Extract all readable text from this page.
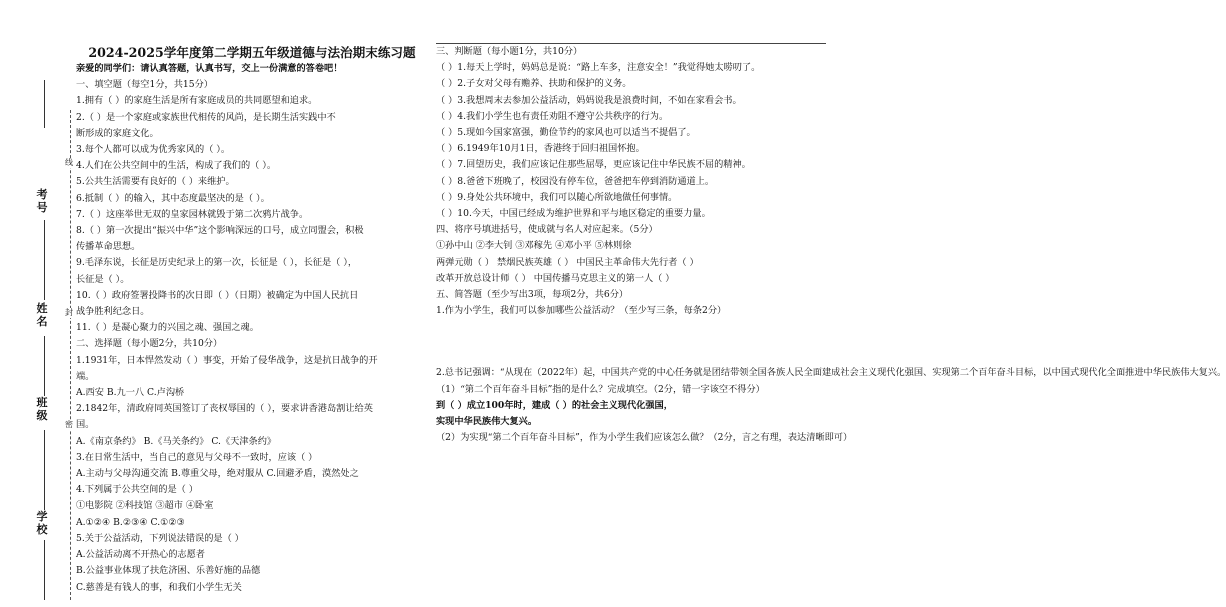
线
封
密
考号
姓名
班级
学校
2024-2025学年度第二学期五年级道德与法治期末练习题

亲爱的同学们：请认真答题，认真书写，交上一份满意的答卷吧！

一、填空题（每空1分，共15分）

1.拥有（ ）的家庭生活是所有家庭成员的共同愿望和追求。

2.（ ）是一个家庭或家族世代相传的风尚，是长期生活实践中不

断形成的家庭文化。

3.每个人都可以成为优秀家风的（ ）。

4.人们在公共空间中的生活，构成了我们的（ ）。

5.公共生活需要有良好的（ ）来维护。

6.抵制（ ）的输入，其中态度最坚决的是（ ）。

7.（ ）这座举世无双的皇家园林就毁于第二次鸦片战争。

8.（ ）第一次提出“振兴中华”这个影响深远的口号，成立同盟会，积极

传播革命思想。

9.毛泽东说，长征是历史纪录上的第一次，长征是（ ），长征是（ ），

长征是（ ）。

10.（ ）政府签署投降书的次日即（ ）（日期）被确定为中国人民抗日

战争胜利纪念日。

11.（ ）是凝心聚力的兴国之魂、强国之魂。

二、选择题（每小题2分，共10分）

1.1931年，日本悍然发动（ ）事变，开始了侵华战争，这是抗日战争的开

端。

A.西安 B.九一八 C.卢沟桥

2.1842年，清政府同英国签订了丧权辱国的（ ），要求讲香港岛割让给英

国。

A.《南京条约》 B.《马关条约》 C.《天津条约》

3.在日常生活中，当自己的意见与父母不一致时，应该（ ）

A.主动与父母沟通交流 B.尊重父母，绝对服从 C.回避矛盾，漠然处之

4.下列属于公共空间的是（ ）

①电影院 ②科技馆 ③超市 ④卧室

A.①②④ B.②③④ C.①②③

5.关于公益活动，下列说法错误的是（ ）

A.公益活动离不开热心的志愿者

B.公益事业体现了扶危济困、乐善好施的品德

C.慈善是有钱人的事，和我们小学生无关

三、判断题（每小题1分，共10分）

（ ）1.每天上学时，妈妈总是说：“路上车多，注意安全！”我觉得她太唠叨了。

（ ）2.子女对父母有赡养、扶助和保护的义务。

（ ）3.我想周末去参加公益活动，妈妈说我是浪费时间，不如在家看会书。

（ ）4.我们小学生也有责任劝阻不遵守公共秩序的行为。

（ ）5.现如今国家富强，勤俭节约的家风也可以适当不提倡了。

（ ）6.1949年10月1日，香港终于回归祖国怀抱。

（ ）7.回望历史，我们应该记住那些屈辱，更应该记住中华民族不屈的精神。

（ ）8.爸爸下班晚了，校园没有停车位，爸爸把车停到消防通道上。

（ ）9.身处公共环境中，我们可以随心所欲地做任何事情。

（ ）10.今天，中国已经成为维护世界和平与地区稳定的重要力量。

四、将序号填进括号，使成就与名人对应起来。（5分）

①孙中山 ②李大钊 ③邓稼先 ④邓小平 ⑤林则徐

两弹元勋（ ） 禁烟民族英雄（ ） 中国民主革命伟大先行者（ ）

改革开放总设计师（ ） 中国传播马克思主义的第一人（ ）

五、简答题（至少写出3项，每项2分，共6分）

1.作为小学生，我们可以参加哪些公益活动？（至少写三条，每条2分）

2.总书记强调：“从现在（2022年）起，中国共产党的中心任务就是团结带领全国各族人民全面建成社会主义现代化强国、实现第二个百年奋斗目标，以中国式现代化全面推进中华民族伟大复兴。

（1）“第二个百年奋斗目标”指的是什么？完成填空。（2分，错一字该空不得分）

到（ ）成立100年时，建成（ ）的社会主义现代化强国，

实现中华民族伟大复兴。

（2）为实现“第二个百年奋斗目标”，作为小学生我们应该怎么做？（2分，言之有理，表达清晰即可）
